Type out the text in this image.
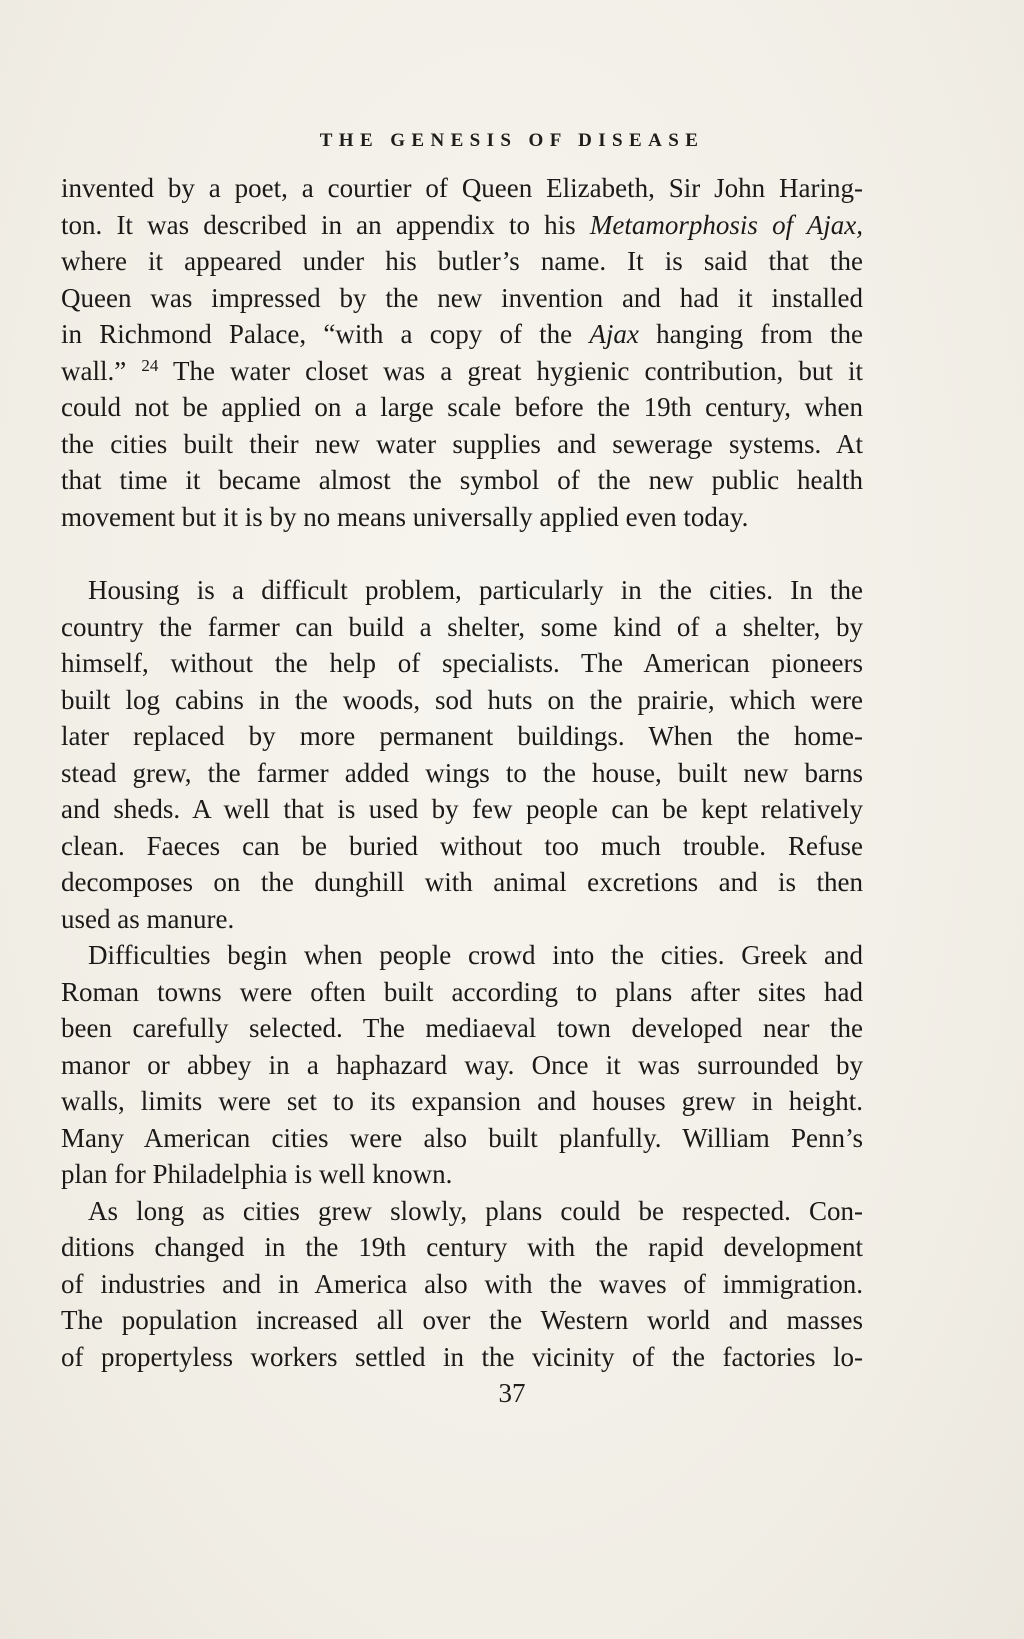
THE GENESIS OF DISEASE
invented by a poet, a courtier of Queen Elizabeth, Sir John Haring-
ton. It was described in an appendix to his Metamorphosis of Ajax,
where it appeared under his butler’s name. It is said that the
Queen was impressed by the new invention and had it installed
in Richmond Palace, “with a copy of the Ajax hanging from the
wall.” $^{24}$ The water closet was a great hygienic contribution, but it
could not be applied on a large scale before the 19th century, when
the cities built their new water supplies and sewerage systems. At
that time it became almost the symbol of the new public health
movement but it is by no means universally applied even today.
Housing is a difficult problem, particularly in the cities. In the
country the farmer can build a shelter, some kind of a shelter, by
himself, without the help of specialists. The American pioneers
built log cabins in the woods, sod huts on the prairie, which were
later replaced by more permanent buildings. When the home-
stead grew, the farmer added wings to the house, built new barns
and sheds. A well that is used by few people can be kept relatively
clean. Faeces can be buried without too much trouble. Refuse
decomposes on the dunghill with animal excretions and is then
used as manure.
Difficulties begin when people crowd into the cities. Greek and
Roman towns were often built according to plans after sites had
been carefully selected. The mediaeval town developed near the
manor or abbey in a haphazard way. Once it was surrounded by
walls, limits were set to its expansion and houses grew in height.
Many American cities were also built planfully. William Penn’s
plan for Philadelphia is well known.
As long as cities grew slowly, plans could be respected. Con-
ditions changed in the 19th century with the rapid development
of industries and in America also with the waves of immigration.
The population increased all over the Western world and masses
of propertyless workers settled in the vicinity of the factories lo-
37
